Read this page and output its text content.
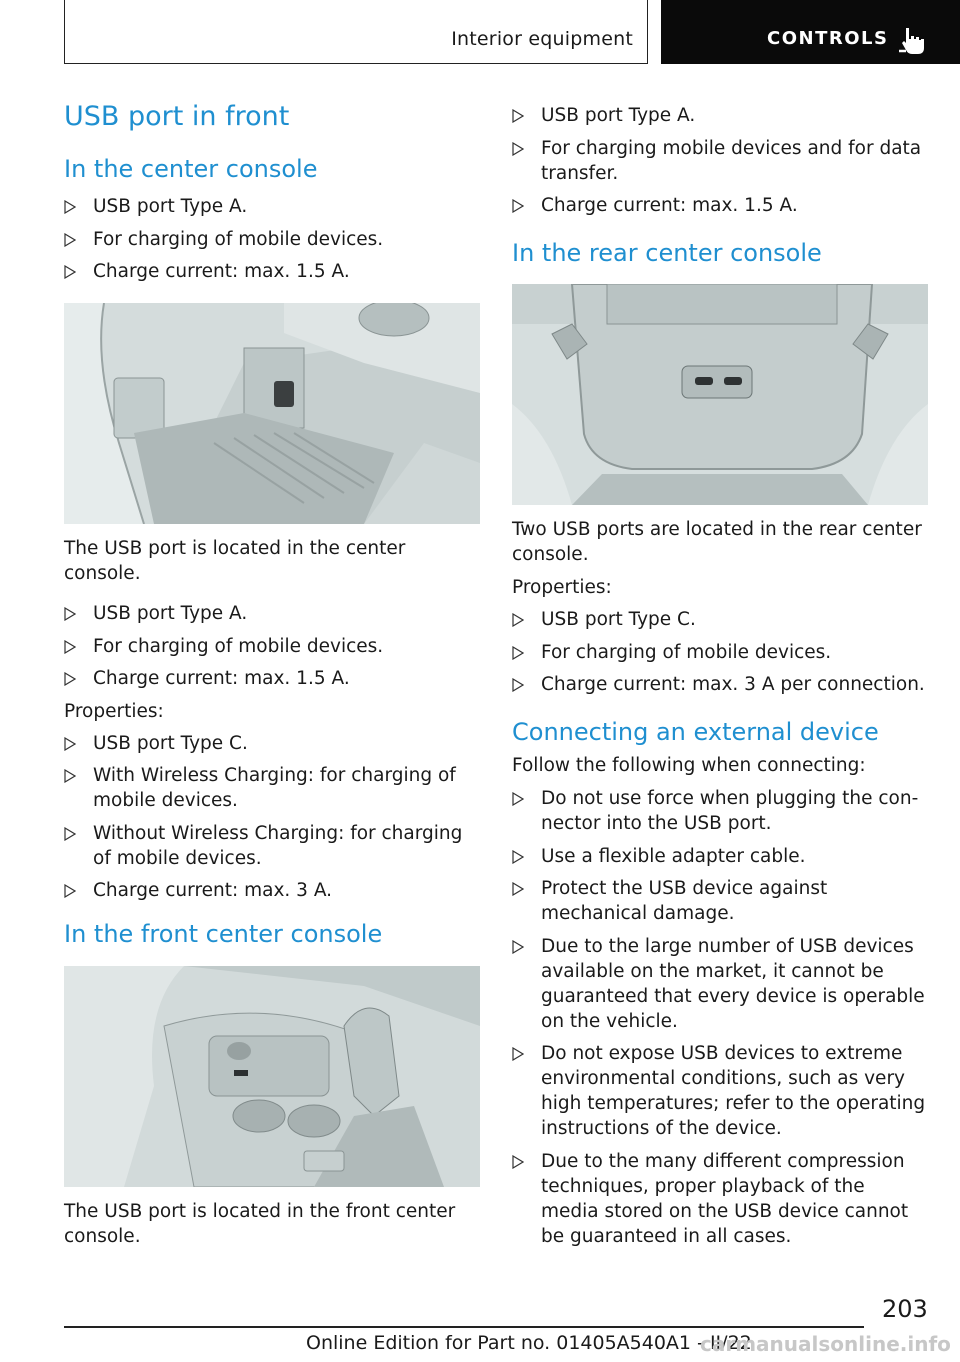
Interior equipment	CONTROLS
USB port in front
In the center console
USB port Type A.
For charging of mobile devices.
Charge current: max. 1.5 A.

The USB port is located in the center console.

USB port Type A.
For charging of mobile devices.
Charge current: max. 1.5 A.

Properties:

USB port Type C.
With Wireless Charging: for charging of mobile devices.
Without Wireless Charging: for charging of mobile devices.
Charge current: max. 3 A.
In the front center console

The USB port is located in the front center console.

USB port Type A.
For charging mobile devices and for data transfer.
Charge current: max. 1.5 A.
In the rear center console

Two USB ports are located in the rear center console.

Properties:

USB port Type C.
For charging of mobile devices.
Charge current: max. 3 A per connection.
Connecting an external device

Follow the following when connecting:

Do not use force when plugging the connector into the USB port.
Use a flexible adapter cable.
Protect the USB device against mechanical damage.
Due to the large number of USB devices available on the market, it cannot be guaranteed that every device is operable on the vehicle.
Do not expose USB devices to extreme environmental conditions, such as very high temperatures; refer to the operating instructions of the device.
Due to the many different compression techniques, proper playback of the media stored on the USB device cannot be guaranteed in all cases.
203
Online Edition for Part no. 01405A540A1 - II/22
carmanualsonline.info
